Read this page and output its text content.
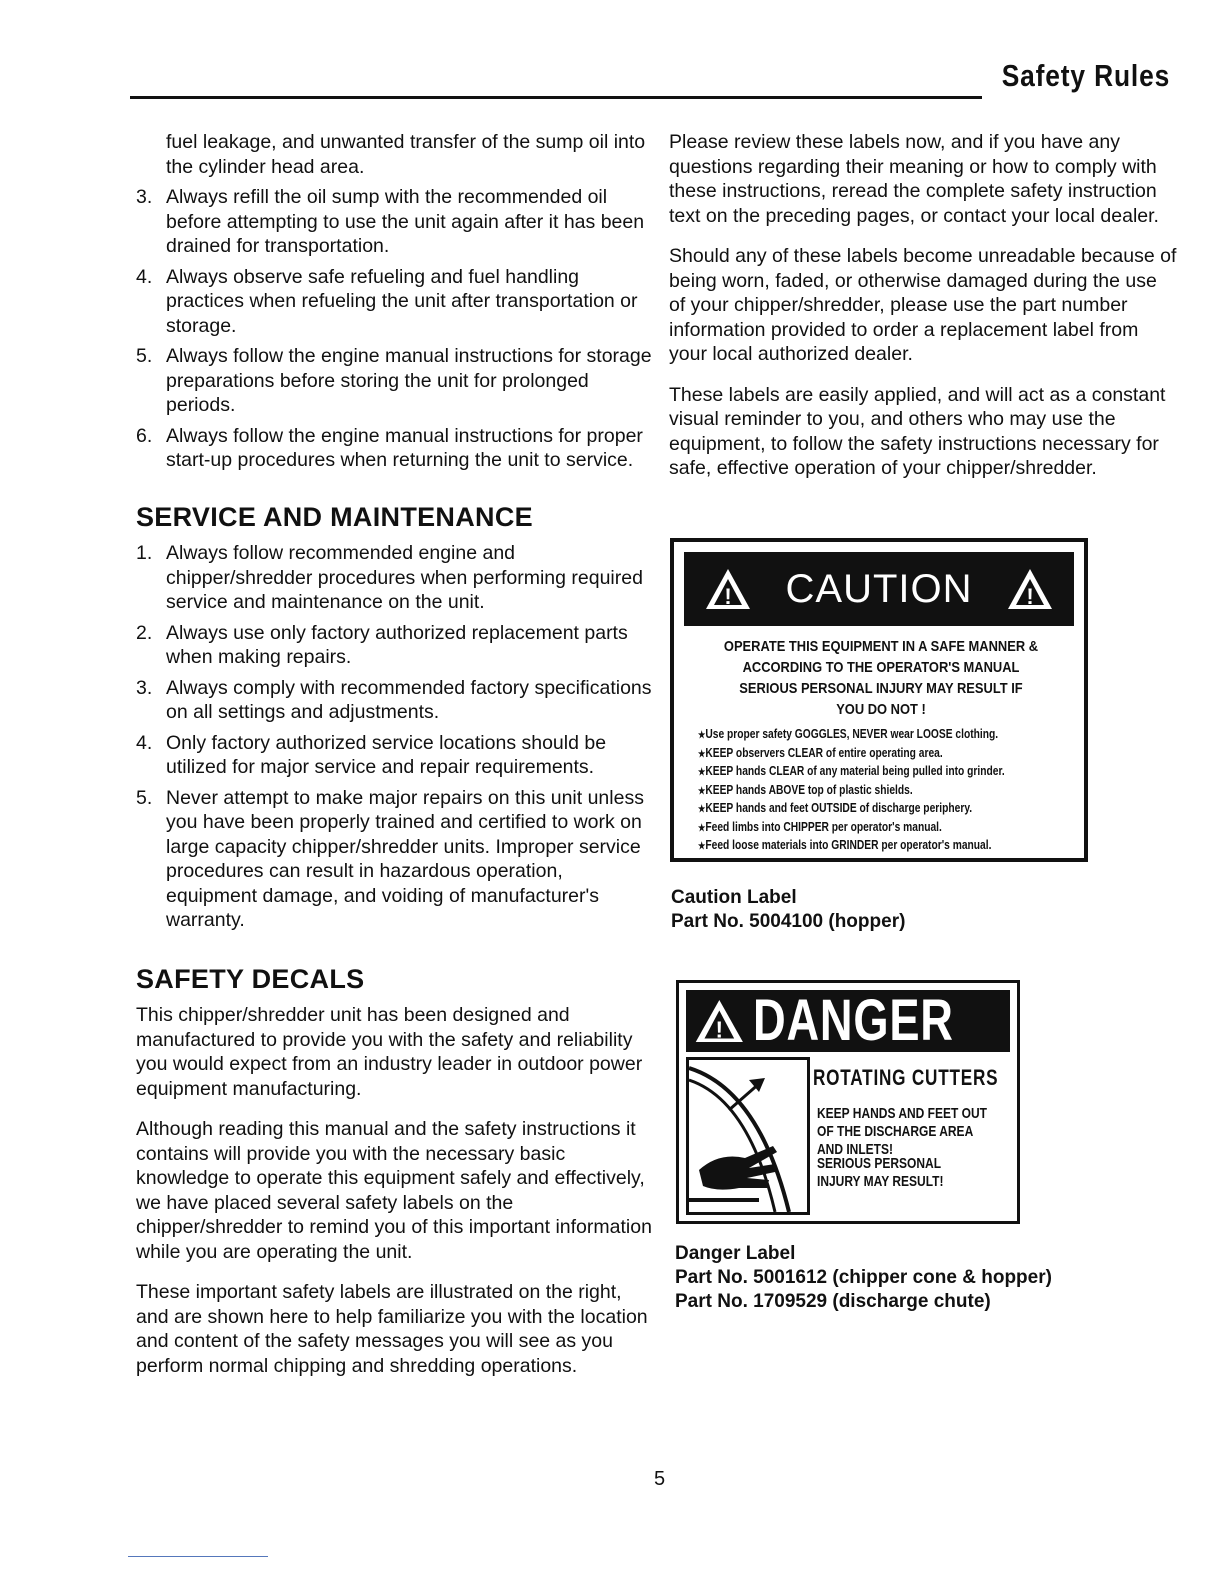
Safety Rules

fuel leakage, and unwanted transfer of the sump oil into the cylinder head area.

3. Always refill the oil sump with the recommended oil before attempting to use the unit again after it has been drained for transportation.
4. Always observe safe refueling and fuel handling practices when refueling the unit after transportation or storage.
5. Always follow the engine manual instructions for storage preparations before storing the unit for prolonged periods.
6. Always follow the engine manual instructions for proper start-up procedures when returning the unit to service.
SERVICE AND MAINTENANCE
1. Always follow recommended engine and chipper/shredder procedures when performing required service and maintenance on the unit.
2. Always use only factory authorized replacement parts when making repairs.
3. Always comply with recommended factory specifications on all settings and adjustments.
4. Only factory authorized service locations should be utilized for major service and repair requirements.
5. Never attempt to make major repairs on this unit unless you have been properly trained and certified to work on large capacity chipper/shredder units. Improper service procedures can result in hazardous operation, equipment damage, and voiding of manufacturer's warranty.
SAFETY DECALS

This chipper/shredder unit has been designed and manufactured to provide you with the safety and reliability you would expect from an industry leader in outdoor power equipment manufacturing.

Although reading this manual and the safety instructions it contains will provide you with the necessary basic knowledge to operate this equipment safely and effectively, we have placed several safety labels on the chipper/shredder to remind you of this important information while you are operating the unit.

These important safety labels are illustrated on the right, and are shown here to help familiarize you with the location and content of the safety messages you will see as you perform normal chipping and shredding operations.

Please review these labels now, and if you have any questions regarding their meaning or how to comply with these instructions, reread the complete safety instruction text on the preceding pages, or contact your local dealer.

Should any of these labels become unreadable because of being worn, faded, or otherwise damaged during the use of your chipper/shredder, please use the part number information provided to order a replacement label from your local authorized dealer.

These labels are easily applied, and will act as a constant visual reminder to you, and others who may use the equipment, to follow the safety instructions necessary for safe, effective operation of your chipper/shredder.

! CAUTION !
OPERATE THIS EQUIPMENT IN A SAFE MANNER &
ACCORDING TO THE OPERATOR'S MANUAL
SERIOUS PERSONAL INJURY MAY RESULT IF
YOU DO NOT !
★ Use proper safety GOGGLES, NEVER wear LOOSE clothing.
★ KEEP observers CLEAR of entire operating area.
★ KEEP hands CLEAR of any material being pulled into grinder.
★ KEEP hands ABOVE top of plastic shields.
★ KEEP hands and feet OUTSIDE of discharge periphery.
★ Feed limbs into CHIPPER per operator's manual.
★ Feed loose materials into GRINDER per operator's manual.
Caution Label
Part No. 5004100 (hopper)
! DANGER
ROTATING CUTTERS
KEEP HANDS AND FEET OUT
OF THE DISCHARGE AREA
AND INLETS!
SERIOUS PERSONAL
INJURY MAY RESULT!
Danger Label
Part No. 5001612 (chipper cone & hopper)
Part No. 1709529 (discharge chute)
5
